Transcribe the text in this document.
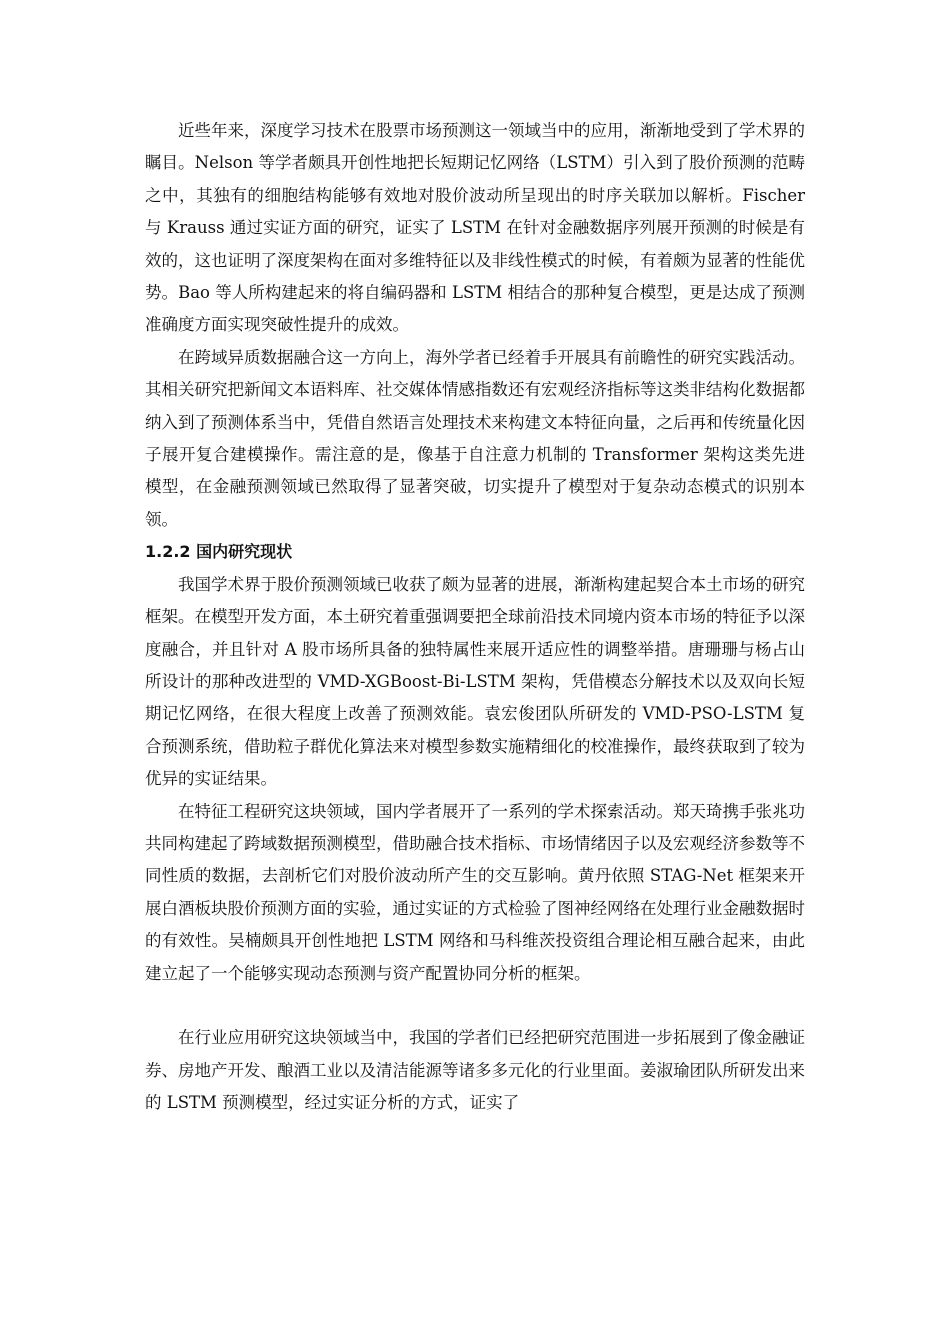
近些年来，深度学习技术在股票市场预测这一领域当中的应用，渐渐地受到了学术界的瞩目。Nelson 等学者颇具开创性地把长短期记忆网络（LSTM）引入到了股价预测的范畴之中，其独有的细胞结构能够有效地对股价波动所呈现出的时序关联加以解析。Fischer 与 Krauss 通过实证方面的研究，证实了 LSTM 在针对金融数据序列展开预测的时候是有效的，这也证明了深度架构在面对多维特征以及非线性模式的时候，有着颇为显著的性能优势。Bao 等人所构建起来的将自编码器和 LSTM 相结合的那种复合模型，更是达成了预测准确度方面实现突破性提升的成效。

在跨域异质数据融合这一方向上，海外学者已经着手开展具有前瞻性的研究实践活动。其相关研究把新闻文本语料库、社交媒体情感指数还有宏观经济指标等这类非结构化数据都纳入到了预测体系当中，凭借自然语言处理技术来构建文本特征向量，之后再和传统量化因子展开复合建模操作。需注意的是，像基于自注意力机制的 Transformer 架构这类先进模型，在金融预测领域已然取得了显著突破，切实提升了模型对于复杂动态模式的识别本领。

1.2.2 国内研究现状

我国学术界于股价预测领域已收获了颇为显著的进展，渐渐构建起契合本土市场的研究框架。在模型开发方面，本土研究着重强调要把全球前沿技术同境内资本市场的特征予以深度融合，并且针对 A 股市场所具备的独特属性来展开适应性的调整举措。唐珊珊与杨占山所设计的那种改进型的 VMD-XGBoost-Bi-LSTM 架构，凭借模态分解技术以及双向长短期记忆网络，在很大程度上改善了预测效能。袁宏俊团队所研发的 VMD-PSO-LSTM 复合预测系统，借助粒子群优化算法来对模型参数实施精细化的校准操作，最终获取到了较为优异的实证结果。

在特征工程研究这块领域，国内学者展开了一系列的学术探索活动。郑天琦携手张兆功共同构建起了跨域数据预测模型，借助融合技术指标、市场情绪因子以及宏观经济参数等不同性质的数据，去剖析它们对股价波动所产生的交互影响。黄丹依照 STAG-Net 框架来开展白酒板块股价预测方面的实验，通过实证的方式检验了图神经网络在处理行业金融数据时的有效性。吴楠颇具开创性地把 LSTM 网络和马科维茨投资组合理论相互融合起来，由此建立起了一个能够实现动态预测与资产配置协同分析的框架。

在行业应用研究这块领域当中，我国的学者们已经把研究范围进一步拓展到了像金融证券、房地产开发、酿酒工业以及清洁能源等诸多多元化的行业里面。姜淑瑜团队所研发出来的 LSTM 预测模型，经过实证分析的方式，证实了
